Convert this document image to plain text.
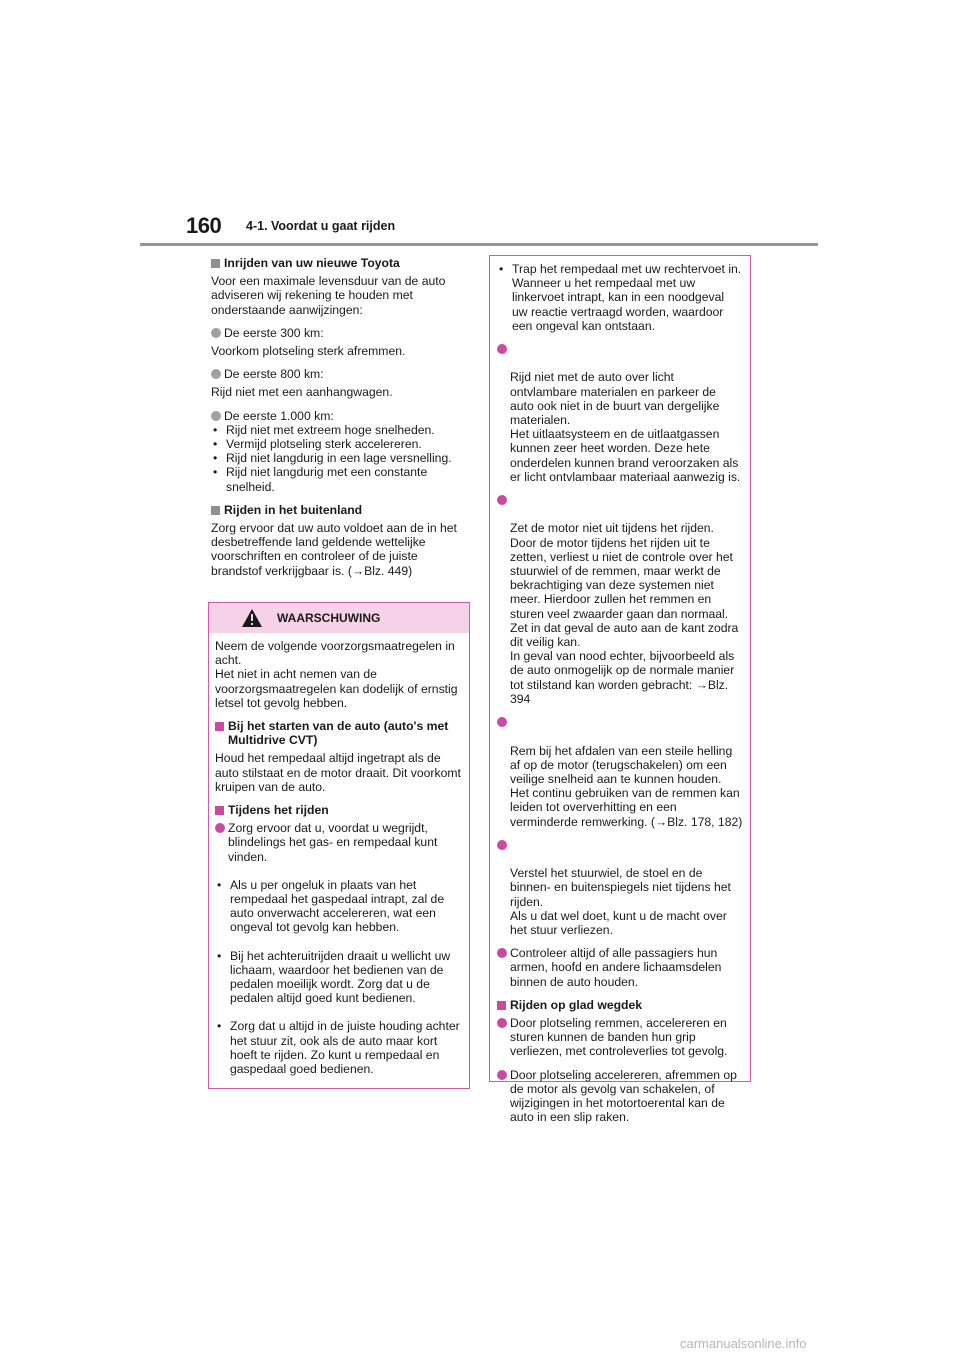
160 4-1. Voordat u gaat rijden
Inrijden van uw nieuwe Toyota

Voor een maximale levensduur van de auto adviseren wij rekening te houden met onderstaande aanwijzingen:

De eerste 300 km:

Voorkom plotseling sterk afremmen.

De eerste 800 km:

Rijd niet met een aanhangwagen.

De eerste 1.000 km:
• Rijd niet met extreem hoge snelheden.
• Vermijd plotseling sterk accelereren.
• Rijd niet langdurig in een lage versnelling.
• Rijd niet langdurig met een constante snelheid.
Rijden in het buitenland

Zorg ervoor dat uw auto voldoet aan de in het desbetreffende land geldende wettelijke voorschriften en controleer of de juiste brandstof verkrijgbaar is. (→Blz. 449)

WAARSCHUWING

Neem de volgende voorzorgsmaatregelen in acht.
Het niet in acht nemen van de voorzorgsmaatregelen kan dodelijk of ernstig letsel tot gevolg hebben.

Bij het starten van de auto (auto's met Multidrive CVT)

Houd het rempedaal altijd ingetrapt als de auto stilstaat en de motor draait. Dit voorkomt kruipen van de auto.

Tijdens het rijden
Zorg ervoor dat u, voordat u wegrijdt, blindelings het gas- en rempedaal kunt vinden.
• Als u per ongeluk in plaats van het rempedaal het gaspedaal intrapt, zal de auto onverwacht accelereren, wat een ongeval tot gevolg kan hebben.
• Bij het achteruitrijden draait u wellicht uw lichaam, waardoor het bedienen van de pedalen moeilijk wordt. Zorg dat u de pedalen altijd goed kunt bedienen.
• Zorg dat u altijd in de juiste houding achter het stuur zit, ook als de auto maar kort hoeft te rijden. Zo kunt u rempedaal en gaspedaal goed bedienen.
• Trap het rempedaal met uw rechtervoet in. Wanneer u het rempedaal met uw linkervoet intrapt, kan in een noodgeval uw reactie vertraagd worden, waardoor een ongeval kan ontstaan.

Rijd niet met de auto over licht ontvlambare materialen en parkeer de auto ook niet in de buurt van dergelijke materialen.
Het uitlaatsysteem en de uitlaatgassen kunnen zeer heet worden. Deze hete onderdelen kunnen brand veroorzaken als er licht ontvlambaar materiaal aanwezig is.

Zet de motor niet uit tijdens het rijden. Door de motor tijdens het rijden uit te zetten, verliest u niet de controle over het stuurwiel of de remmen, maar werkt de bekrachtiging van deze systemen niet meer. Hierdoor zullen het remmen en sturen veel zwaarder gaan dan normaal. Zet in dat geval de auto aan de kant zodra dit veilig kan.
In geval van nood echter, bijvoorbeeld als de auto onmogelijk op de normale manier tot stilstand kan worden gebracht: →Blz. 394

Rem bij het afdalen van een steile helling af op de motor (terugschakelen) om een veilige snelheid aan te kunnen houden.
Het continu gebruiken van de remmen kan leiden tot oververhitting en een verminderde remwerking. (→Blz. 178, 182)

Verstel het stuurwiel, de stoel en de binnen- en buitenspiegels niet tijdens het rijden.
Als u dat wel doet, kunt u de macht over het stuur verliezen.

Controleer altijd of alle passagiers hun armen, hoofd en andere lichaamsdelen binnen de auto houden.
Rijden op glad wegdek
Door plotseling remmen, accelereren en sturen kunnen de banden hun grip verliezen, met controleverlies tot gevolg.
Door plotseling accelereren, afremmen op de motor als gevolg van schakelen, of wijzigingen in het motortoerental kan de auto in een slip raken.
carmanualsonline.info
